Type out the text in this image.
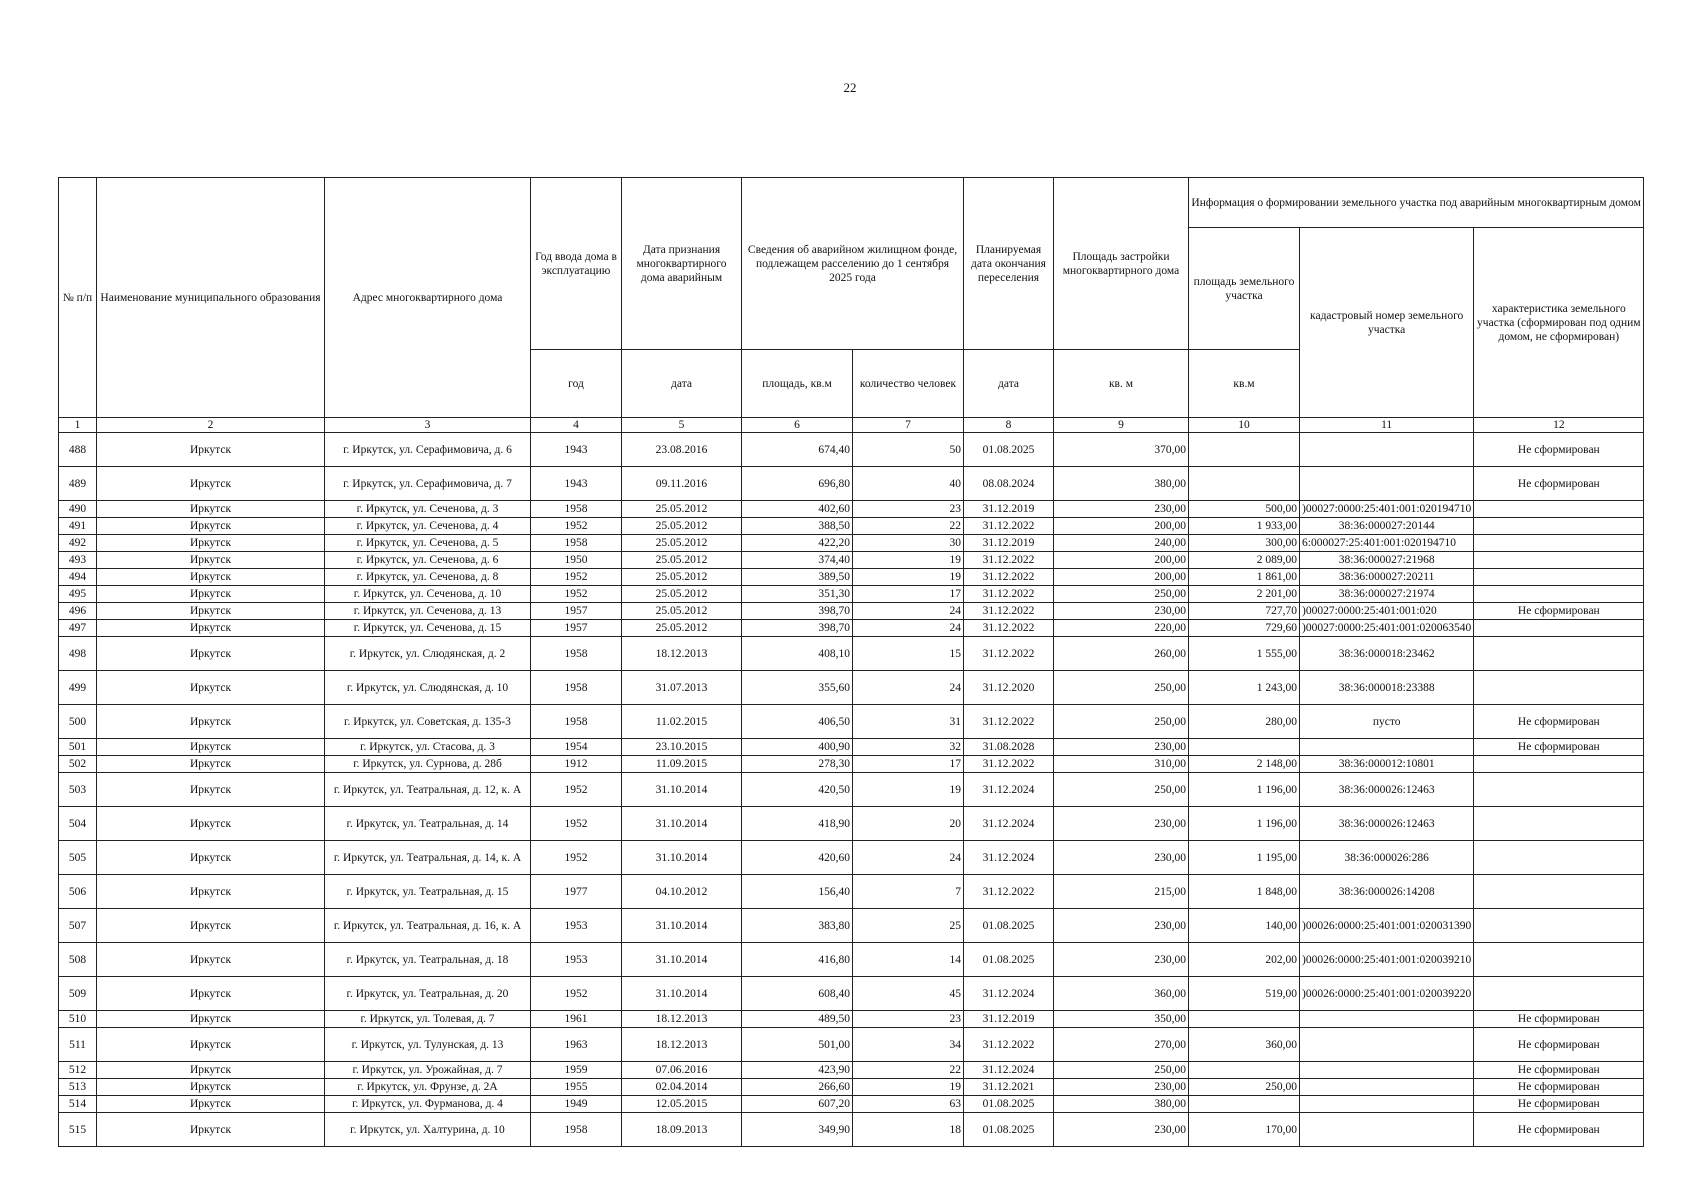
22
№ п/п	Наименование муниципального образования	Адрес многоквартирного дома	Год ввода дома в эксплуатацию	Дата признания многоквартирного дома аварийным	Сведения об аварийном жилищном фонде, подлежащем расселению до 1 сентября 2025 года		Планируемая дата окончания переселения	Площадь застройки многоквартирного дома	Информация о формировании земельного участка под аварийным многоквартирным домом		
									площадь земельного участка	кадастровый номер земельного участка	характеристика земельного участка (сформирован под одним домом, не сформирован)
			год	дата	площадь, кв.м	количество человек	дата	кв. м	кв.м		
1	2	3	4	5	6	7	8	9	10	11	12
488	Иркутск	г. Иркутск, ул. Серафимовича, д. 6	1943	23.08.2016	674,40	50	01.08.2025	370,00			Не сформирован
489	Иркутск	г. Иркутск, ул. Серафимовича, д. 7	1943	09.11.2016	696,80	40	08.08.2024	380,00			Не сформирован
490	Иркутск	г. Иркутск, ул. Сеченова, д. 3	1958	25.05.2012	402,60	23	31.12.2019	230,00	500,00	)00027:0000:25:401:001:020194710	
491	Иркутск	г. Иркутск, ул. Сеченова, д. 4	1952	25.05.2012	388,50	22	31.12.2022	200,00	1 933,00	38:36:000027:20144	
492	Иркутск	г. Иркутск, ул. Сеченова, д. 5	1958	25.05.2012	422,20	30	31.12.2019	240,00	300,00	6:000027:25:401:001:020194710	
493	Иркутск	г. Иркутск, ул. Сеченова, д. 6	1950	25.05.2012	374,40	19	31.12.2022	200,00	2 089,00	38:36:000027:21968	
494	Иркутск	г. Иркутск, ул. Сеченова, д. 8	1952	25.05.2012	389,50	19	31.12.2022	200,00	1 861,00	38:36:000027:20211	
495	Иркутск	г. Иркутск, ул. Сеченова, д. 10	1952	25.05.2012	351,30	17	31.12.2022	250,00	2 201,00	38:36:000027:21974	
496	Иркутск	г. Иркутск, ул. Сеченова, д. 13	1957	25.05.2012	398,70	24	31.12.2022	230,00	727,70	)00027:0000:25:401:001:020	Не сформирован
497	Иркутск	г. Иркутск, ул. Сеченова, д. 15	1957	25.05.2012	398,70	24	31.12.2022	220,00	729,60	)00027:0000:25:401:001:020063540	
498	Иркутск	г. Иркутск, ул. Слюдянская, д. 2	1958	18.12.2013	408,10	15	31.12.2022	260,00	1 555,00	38:36:000018:23462	
499	Иркутск	г. Иркутск, ул. Слюдянская, д. 10	1958	31.07.2013	355,60	24	31.12.2020	250,00	1 243,00	38:36:000018:23388	
500	Иркутск	г. Иркутск, ул. Советская, д. 135-3	1958	11.02.2015	406,50	31	31.12.2022	250,00	280,00	пусто	Не сформирован
501	Иркутск	г. Иркутск, ул. Стасова, д. 3	1954	23.10.2015	400,90	32	31.08.2028	230,00			Не сформирован
502	Иркутск	г. Иркутск, ул. Сурнова, д. 28б	1912	11.09.2015	278,30	17	31.12.2022	310,00	2 148,00	38:36:000012:10801	
503	Иркутск	г. Иркутск, ул. Театральная, д. 12, к. А	1952	31.10.2014	420,50	19	31.12.2024	250,00	1 196,00	38:36:000026:12463	
504	Иркутск	г. Иркутск, ул. Театральная, д. 14	1952	31.10.2014	418,90	20	31.12.2024	230,00	1 196,00	38:36:000026:12463	
505	Иркутск	г. Иркутск, ул. Театральная, д. 14, к. А	1952	31.10.2014	420,60	24	31.12.2024	230,00	1 195,00	38:36:000026:286	
506	Иркутск	г. Иркутск, ул. Театральная, д. 15	1977	04.10.2012	156,40	7	31.12.2022	215,00	1 848,00	38:36:000026:14208	
507	Иркутск	г. Иркутск, ул. Театральная, д. 16, к. А	1953	31.10.2014	383,80	25	01.08.2025	230,00	140,00	)00026:0000:25:401:001:020031390	
508	Иркутск	г. Иркутск, ул. Театральная, д. 18	1953	31.10.2014	416,80	14	01.08.2025	230,00	202,00	)00026:0000:25:401:001:020039210	
509	Иркутск	г. Иркутск, ул. Театральная, д. 20	1952	31.10.2014	608,40	45	31.12.2024	360,00	519,00	)00026:0000:25:401:001:020039220	
510	Иркутск	г. Иркутск, ул. Толевая, д. 7	1961	18.12.2013	489,50	23	31.12.2019	350,00			Не сформирован
511	Иркутск	г. Иркутск, ул. Тулунская, д. 13	1963	18.12.2013	501,00	34	31.12.2022	270,00	360,00		Не сформирован
512	Иркутск	г. Иркутск, ул. Урожайная, д. 7	1959	07.06.2016	423,90	22	31.12.2024	250,00			Не сформирован
513	Иркутск	г. Иркутск, ул. Фрунзе, д. 2А	1955	02.04.2014	266,60	19	31.12.2021	230,00	250,00		Не сформирован
514	Иркутск	г. Иркутск, ул. Фурманова, д. 4	1949	12.05.2015	607,20	63	01.08.2025	380,00			Не сформирован
515	Иркутск	г. Иркутск, ул. Халтурина, д. 10	1958	18.09.2013	349,90	18	01.08.2025	230,00	170,00		Не сформирован
